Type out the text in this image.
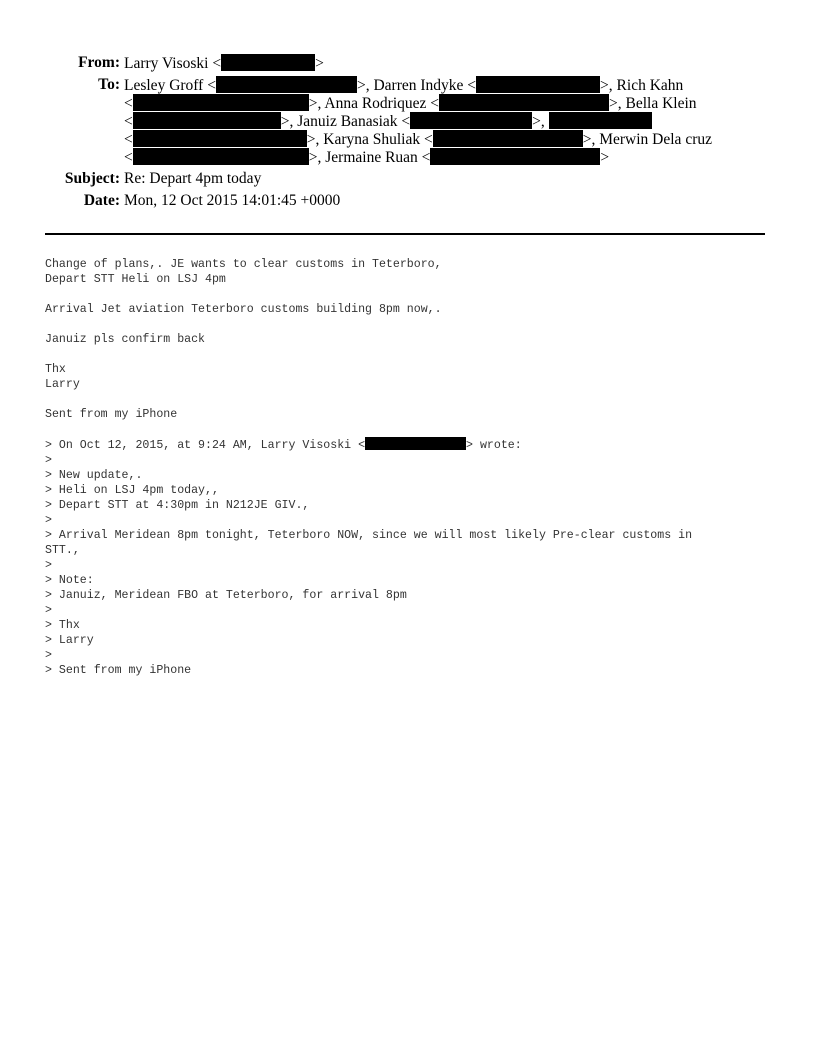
From: Larry Visoski <	>
To: Lesley Groff <	>, Darren Indyke <	>, Rich Kahn
<	>, Anna Rodriquez <	>, Bella Klein
<	>, Januiz Banasiak <	>,
<	>, Karyna Shuliak <	>, Merwin Dela cruz
<	>, Jermaine Ruan <	>
Subject: Re: Depart 4pm today
Date: Mon, 12 Oct 2015 14:01:45 +0000
Change of plans,. JE wants to clear customs in Teterboro,
Depart STT Heli on LSJ 4pm
Arrival Jet aviation Teterboro customs building 8pm now,.
Januiz pls confirm back
Thx
Larry
Sent from my iPhone
> On Oct 12, 2015, at 9:24 AM, Larry Visoski <	> wrote:
>
> New update,.
> Heli on LSJ 4pm today,,
> Depart STT at 4:30pm in N212JE GIV.,
>
> Arrival Meridean 8pm tonight, Teterboro NOW, since we will most likely Pre-clear customs in
STT.,
>
> Note:
> Januiz, Meridean FBO at Teterboro, for arrival 8pm
>
> Thx
> Larry
>
> Sent from my iPhone
